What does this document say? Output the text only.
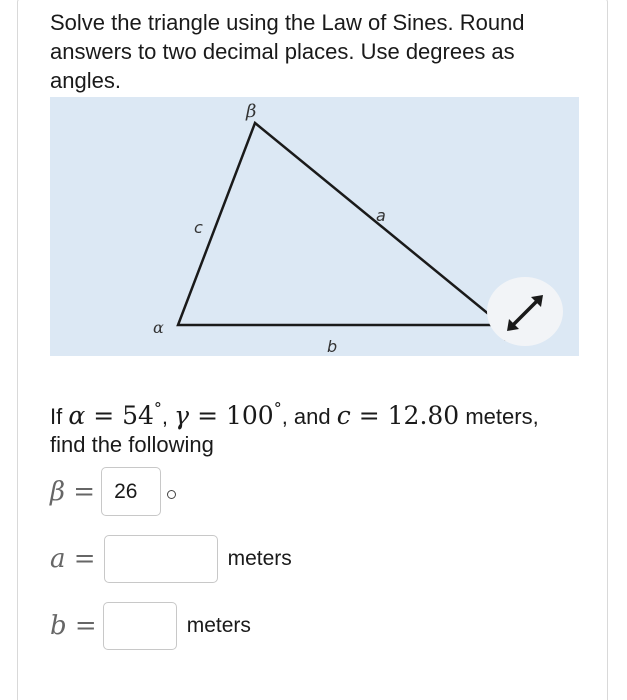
Solve the triangle using the Law of Sines. Round answers to two decimal places. Use degrees as angles.

β
α
a
b
c
If α = 54°, γ = 100°, and c = 12.80 meters,
find the following
β =
26
a =	meters
b =	meters
